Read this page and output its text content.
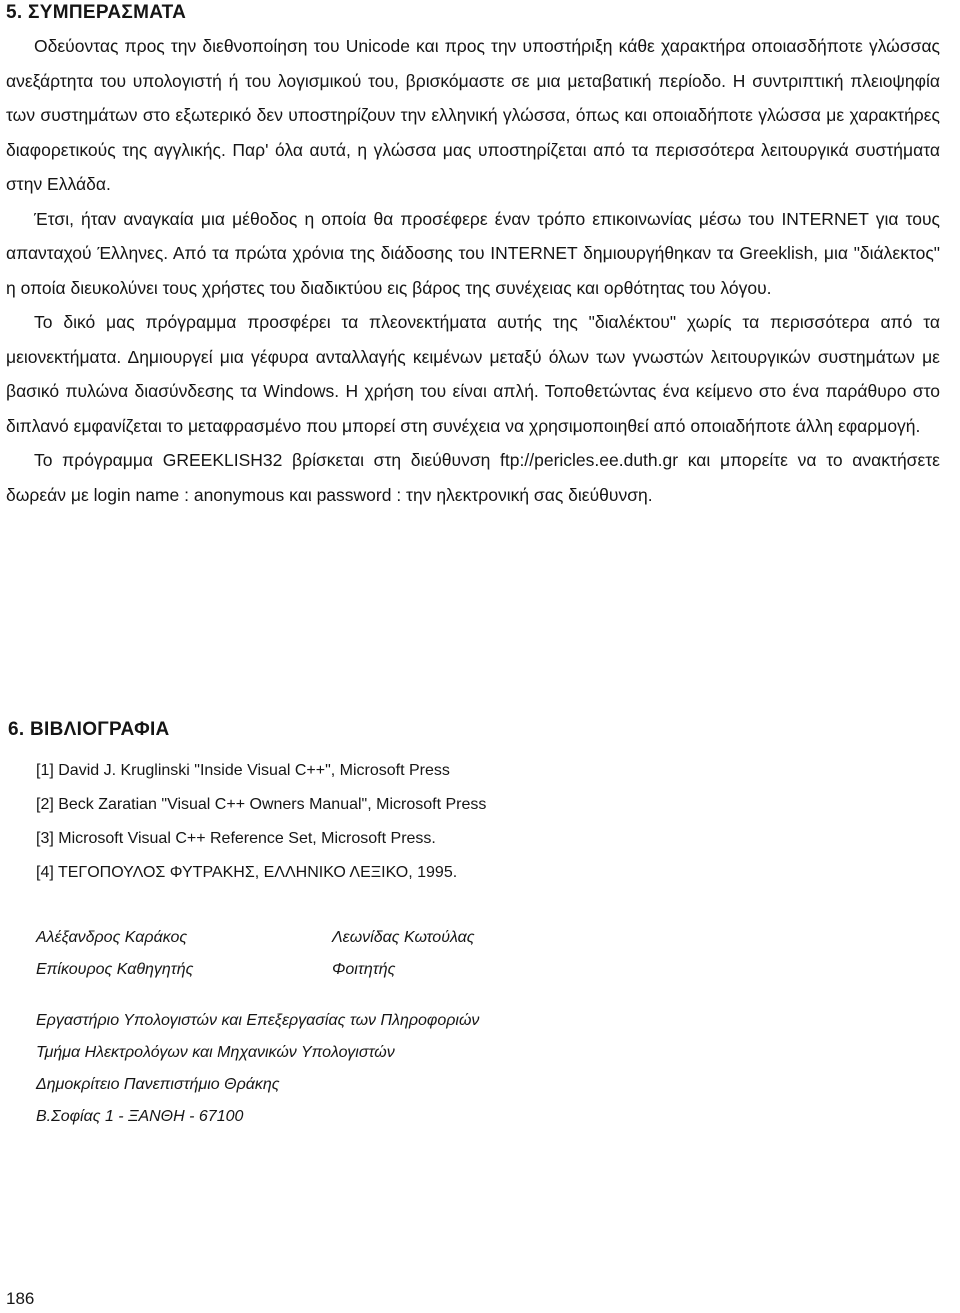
5. ΣΥΜΠΕΡΑΣΜΑΤΑ
Οδεύοντας προς την διεθνοποίηση του Unicode και προς την υποστήριξη κάθε χαρακτήρα οποιασδήποτε γλώσσας ανεξάρτητα του υπολογιστή ή του λογισμικού του, βρισκόμαστε σε μια μεταβατική περίοδο. Η συντριπτική πλειοψηφία των συστημάτων στο εξωτερικό δεν υποστηρίζουν την ελληνική γλώσσα, όπως και οποιαδήποτε γλώσσα με χαρακτήρες διαφορετικούς της αγγλικής. Παρ' όλα αυτά, η γλώσσα μας υποστηρίζεται από τα περισσότερα λειτουργικά συστήματα στην Ελλάδα.
Έτσι, ήταν αναγκαία μια μέθοδος η οποία θα προσέφερε έναν τρόπο επικοινωνίας μέσω του INTERNET για τους απανταχού Έλληνες. Από τα πρώτα χρόνια της διάδοσης του INTERNET δημιουργήθηκαν τα Greeklish, μια "διάλεκτος" η οποία διευκολύνει τους χρήστες του διαδικτύου εις βάρος της συνέχειας και ορθότητας του λόγου.
Το δικό μας πρόγραμμα προσφέρει τα πλεονεκτήματα αυτής της "διαλέκτου" χωρίς τα περισσότερα από τα μειονεκτήματα. Δημιουργεί μια γέφυρα ανταλλαγής κειμένων μεταξύ όλων των γνωστών λειτουργικών συστημάτων με βασικό πυλώνα διασύνδεσης τα Windows. Η χρήση του είναι απλή. Τοποθετώντας ένα κείμενο στο ένα παράθυρο στο διπλανό εμφανίζεται το μεταφρασμένο που μπορεί στη συνέχεια να χρησιμοποιηθεί από οποιαδήποτε άλλη εφαρμογή.
Το πρόγραμμα GREEKLISH32 βρίσκεται στη διεύθυνση ftp://pericles.ee.duth.gr και μπορείτε να το ανακτήσετε δωρεάν με login name : anonymous και password : την ηλεκτρονική σας διεύθυνση.
6. ΒΙΒΛΙΟΓΡΑΦΙΑ
[1] David J. Kruglinski "Inside Visual C++", Microsoft Press
[2] Beck Zaratian "Visual C++ Owners Manual", Microsoft Press
[3] Microsoft Visual C++ Reference Set, Microsoft Press.
[4] ΤΕΓΟΠΟΥΛΟΣ ΦΥΤΡΑΚΗΣ, ΕΛΛΗΝΙΚΟ ΛΕΞΙΚΟ, 1995.
Αλέξανδρος Καράκος
Επίκουρος Καθηγητής
Λεωνίδας Κωτούλας
Φοιτητής
Εργαστήριο Υπολογιστών και Επεξεργασίας των Πληροφοριών
Τμήμα Ηλεκτρολόγων και Μηχανικών Υπολογιστών
Δημοκρίτειο Πανεπιστήμιο Θράκης
Β.Σοφίας 1 - ΞΑΝΘΗ - 67100

186
